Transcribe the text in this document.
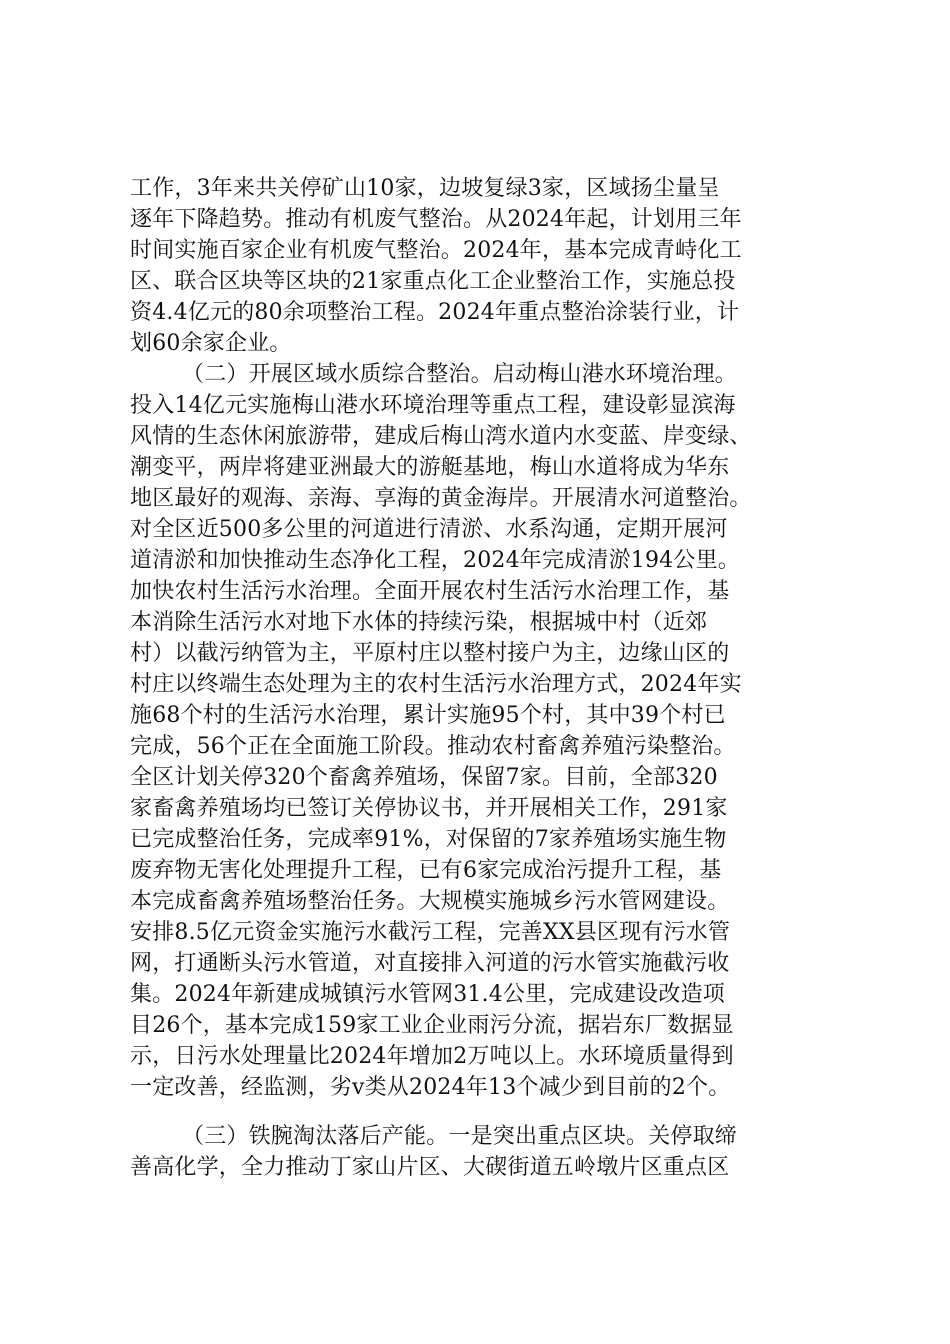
工作，3年来共关停矿山10家，边坡复绿3家，区域扬尘量呈
逐年下降趋势。推动有机废气整治。从2024年起，计划用三年
时间实施百家企业有机废气整治。2024年，基本完成青峙化工
区、联合区块等区块的21家重点化工企业整治工作，实施总投
资4.4亿元的80余项整治工程。2024年重点整治涂装行业，计
划60余家企业。
（二）开展区域水质综合整治。启动梅山港水环境治理。
投入14亿元实施梅山港水环境治理等重点工程，建设彰显滨海
风情的生态休闲旅游带，建成后梅山湾水道内水变蓝、岸变绿、
潮变平，两岸将建亚洲最大的游艇基地，梅山水道将成为华东
地区最好的观海、亲海、享海的黄金海岸。开展清水河道整治。
对全区近500多公里的河道进行清淤、水系沟通，定期开展河
道清淤和加快推动生态净化工程，2024年完成清淤194公里。
加快农村生活污水治理。全面开展农村生活污水治理工作，基
本消除生活污水对地下水体的持续污染，根据城中村（近郊
村）以截污纳管为主，平原村庄以整村接户为主，边缘山区的
村庄以终端生态处理为主的农村生活污水治理方式，2024年实
施68个村的生活污水治理，累计实施95个村，其中39个村已
完成，56个正在全面施工阶段。推动农村畜禽养殖污染整治。
全区计划关停320个畜禽养殖场，保留7家。目前，全部320
家畜禽养殖场均已签订关停协议书，并开展相关工作，291家
已完成整治任务，完成率91%，对保留的7家养殖场实施生物
废弃物无害化处理提升工程，已有6家完成治污提升工程，基
本完成畜禽养殖场整治任务。大规模实施城乡污水管网建设。
安排8.5亿元资金实施污水截污工程，完善XX县区现有污水管
网，打通断头污水管道，对直接排入河道的污水管实施截污收
集。2024年新建成城镇污水管网31.4公里，完成建设改造项
目26个，基本完成159家工业企业雨污分流，据岩东厂数据显
示，日污水处理量比2024年增加2万吨以上。水环境质量得到
一定改善，经监测，劣v类从2024年13个减少到目前的2个。
（三）铁腕淘汰落后产能。一是突出重点区块。关停取缔
善高化学，全力推动丁家山片区、大碶街道五岭墩片区重点区
